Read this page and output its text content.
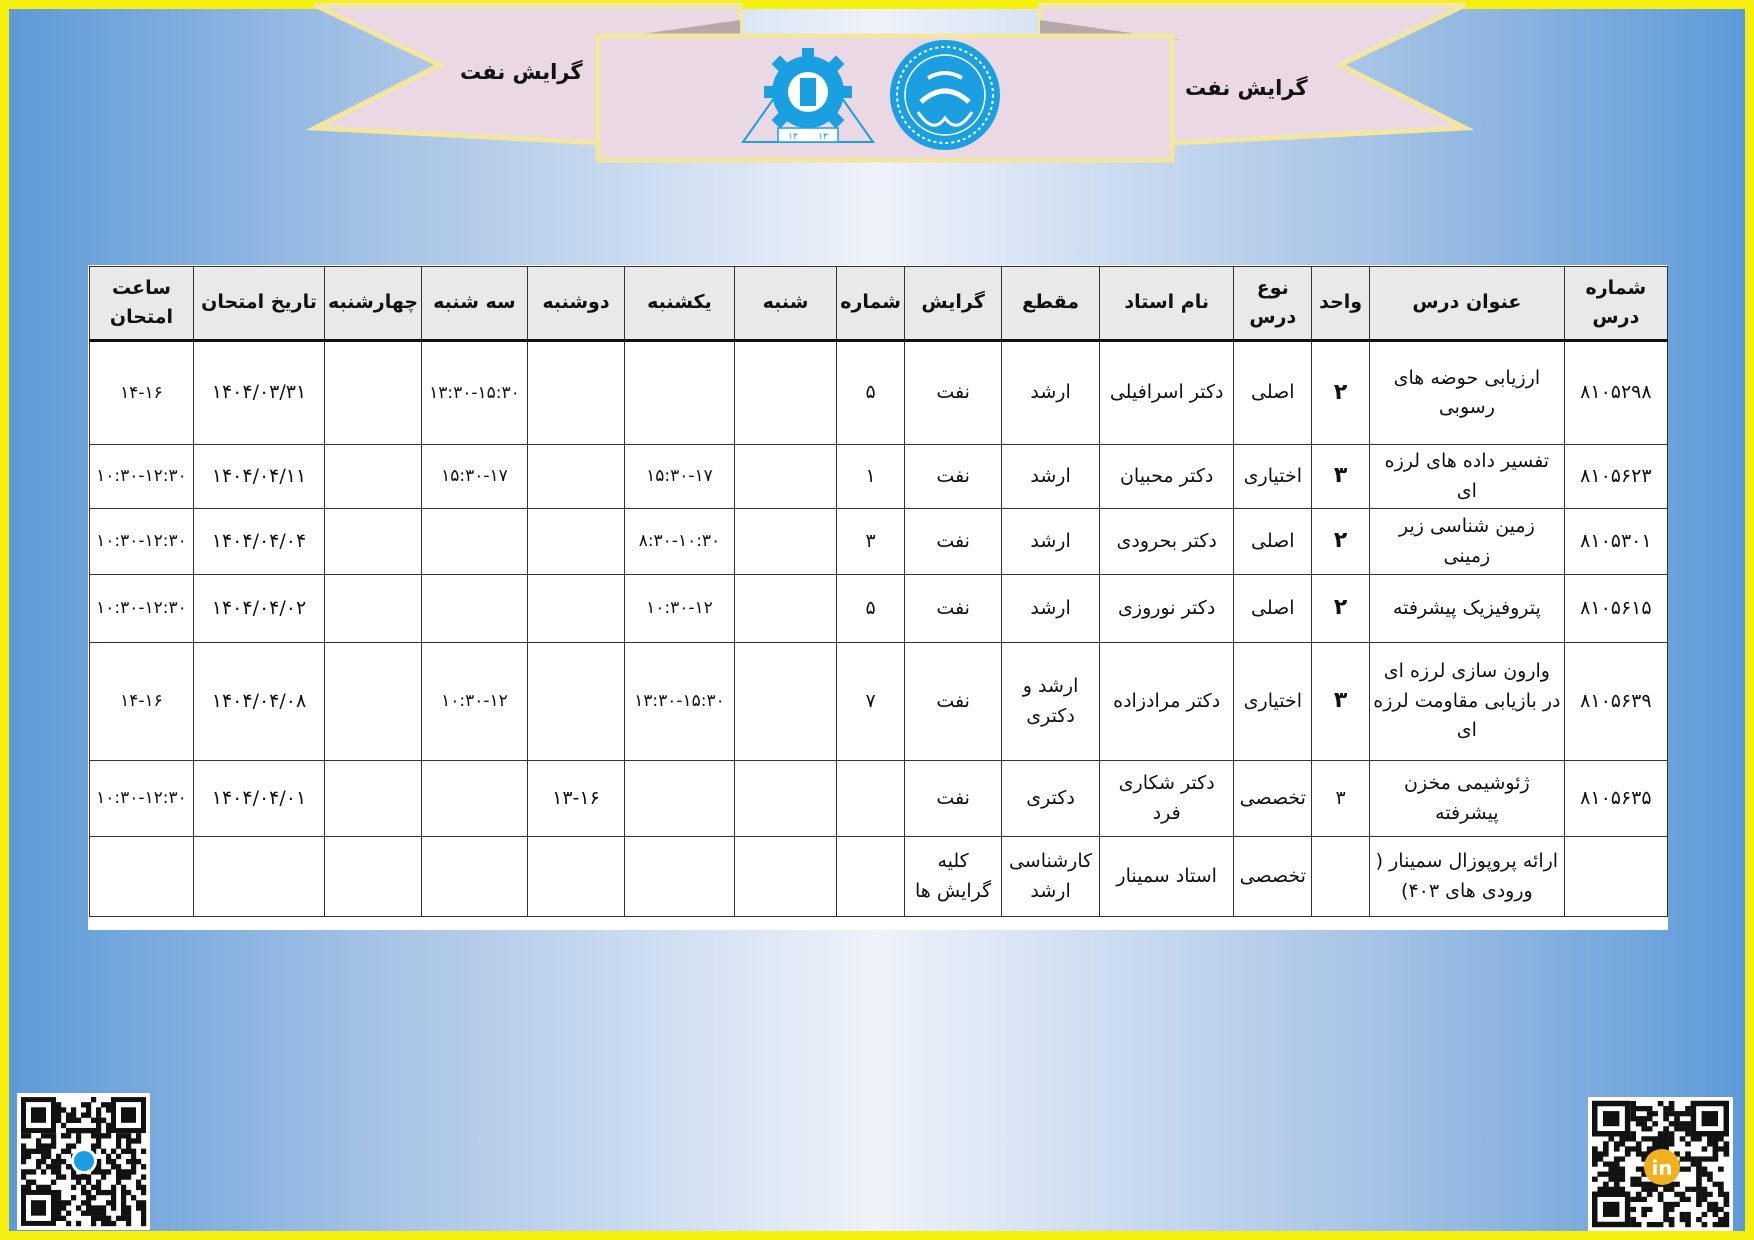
گرایش نفت
گرایش نفت
۱۳ ۱۳
شماره درس	عنوان درس	واحد	نوع درس	نام استاد	مقطع	گرایش	شماره	شنبه	یکشنبه	دوشنبه	سه شنبه	چهارشنبه	تاریخ امتحان	ساعت امتحان
۸۱۰۵۲۹۸	ارزیابی حوضه های رسوبی	۲	اصلی	دکتر اسرافیلی	ارشد	نفت	۵				۱۳:۳۰-۱۵:۳۰		۱۴۰۴/۰۳/۳۱	۱۴-۱۶
۸۱۰۵۶۲۳	تفسیر داده های لرزه ای	۳	اختیاری	دکتر محبیان	ارشد	نفت	۱		۱۵:۳۰-۱۷		۱۵:۳۰-۱۷		۱۴۰۴/۰۴/۱۱	۱۰:۳۰-۱۲:۳۰
۸۱۰۵۳۰۱	زمین شناسی زیر زمینی	۲	اصلی	دکتر بحرودی	ارشد	نفت	۳		۸:۳۰-۱۰:۳۰				۱۴۰۴/۰۴/۰۴	۱۰:۳۰-۱۲:۳۰
۸۱۰۵۶۱۵	پتروفیزیک پیشرفته	۲	اصلی	دکتر نوروزی	ارشد	نفت	۵		۱۰:۳۰-۱۲				۱۴۰۴/۰۴/۰۲	۱۰:۳۰-۱۲:۳۰
۸۱۰۵۶۳۹	وارون سازی لرزه ای در بازیابی مقاومت لرزه ای	۳	اختیاری	دکتر مرادزاده	ارشد و دکتری	نفت	۷		۱۳:۳۰-۱۵:۳۰		۱۰:۳۰-۱۲		۱۴۰۴/۰۴/۰۸	۱۴-۱۶
۸۱۰۵۶۳۵	ژئوشیمی مخزن پیشرفته	۳	تخصصی	دکتر شکاری فرد	دکتری	نفت				۱۳-۱۶			۱۴۰۴/۰۴/۰۱	۱۰:۳۰-۱۲:۳۰
	ارائه پروپوزال سمینار ( ورودی های ۴۰۳)		تخصصی	استاد سمینار	کارشناسی ارشد	کلیه گرایش ها								
in
